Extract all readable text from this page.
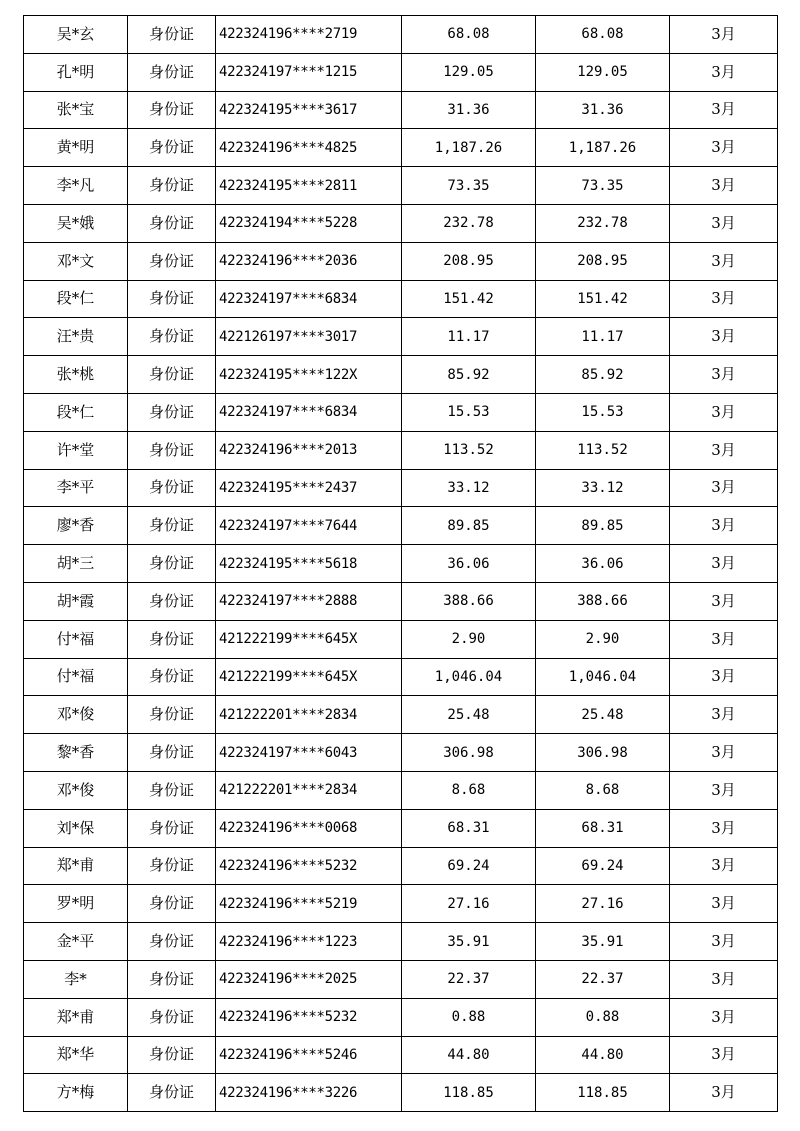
吴*玄	身份证	422324196****2719	68.08	68.08	3月
孔*明	身份证	422324197****1215	129.05	129.05	3月
张*宝	身份证	422324195****3617	31.36	31.36	3月
黄*明	身份证	422324196****4825	1,187.26	1,187.26	3月
李*凡	身份证	422324195****2811	73.35	73.35	3月
吴*娥	身份证	422324194****5228	232.78	232.78	3月
邓*文	身份证	422324196****2036	208.95	208.95	3月
段*仁	身份证	422324197****6834	151.42	151.42	3月
汪*贵	身份证	422126197****3017	11.17	11.17	3月
张*桃	身份证	422324195****122X	85.92	85.92	3月
段*仁	身份证	422324197****6834	15.53	15.53	3月
许*堂	身份证	422324196****2013	113.52	113.52	3月
李*平	身份证	422324195****2437	33.12	33.12	3月
廖*香	身份证	422324197****7644	89.85	89.85	3月
胡*三	身份证	422324195****5618	36.06	36.06	3月
胡*霞	身份证	422324197****2888	388.66	388.66	3月
付*福	身份证	421222199****645X	2.90	2.90	3月
付*福	身份证	421222199****645X	1,046.04	1,046.04	3月
邓*俊	身份证	421222201****2834	25.48	25.48	3月
黎*香	身份证	422324197****6043	306.98	306.98	3月
邓*俊	身份证	421222201****2834	8.68	8.68	3月
刘*保	身份证	422324196****0068	68.31	68.31	3月
郑*甫	身份证	422324196****5232	69.24	69.24	3月
罗*明	身份证	422324196****5219	27.16	27.16	3月
金*平	身份证	422324196****1223	35.91	35.91	3月
李*	身份证	422324196****2025	22.37	22.37	3月
郑*甫	身份证	422324196****5232	0.88	0.88	3月
郑*华	身份证	422324196****5246	44.80	44.80	3月
方*梅	身份证	422324196****3226	118.85	118.85	3月
